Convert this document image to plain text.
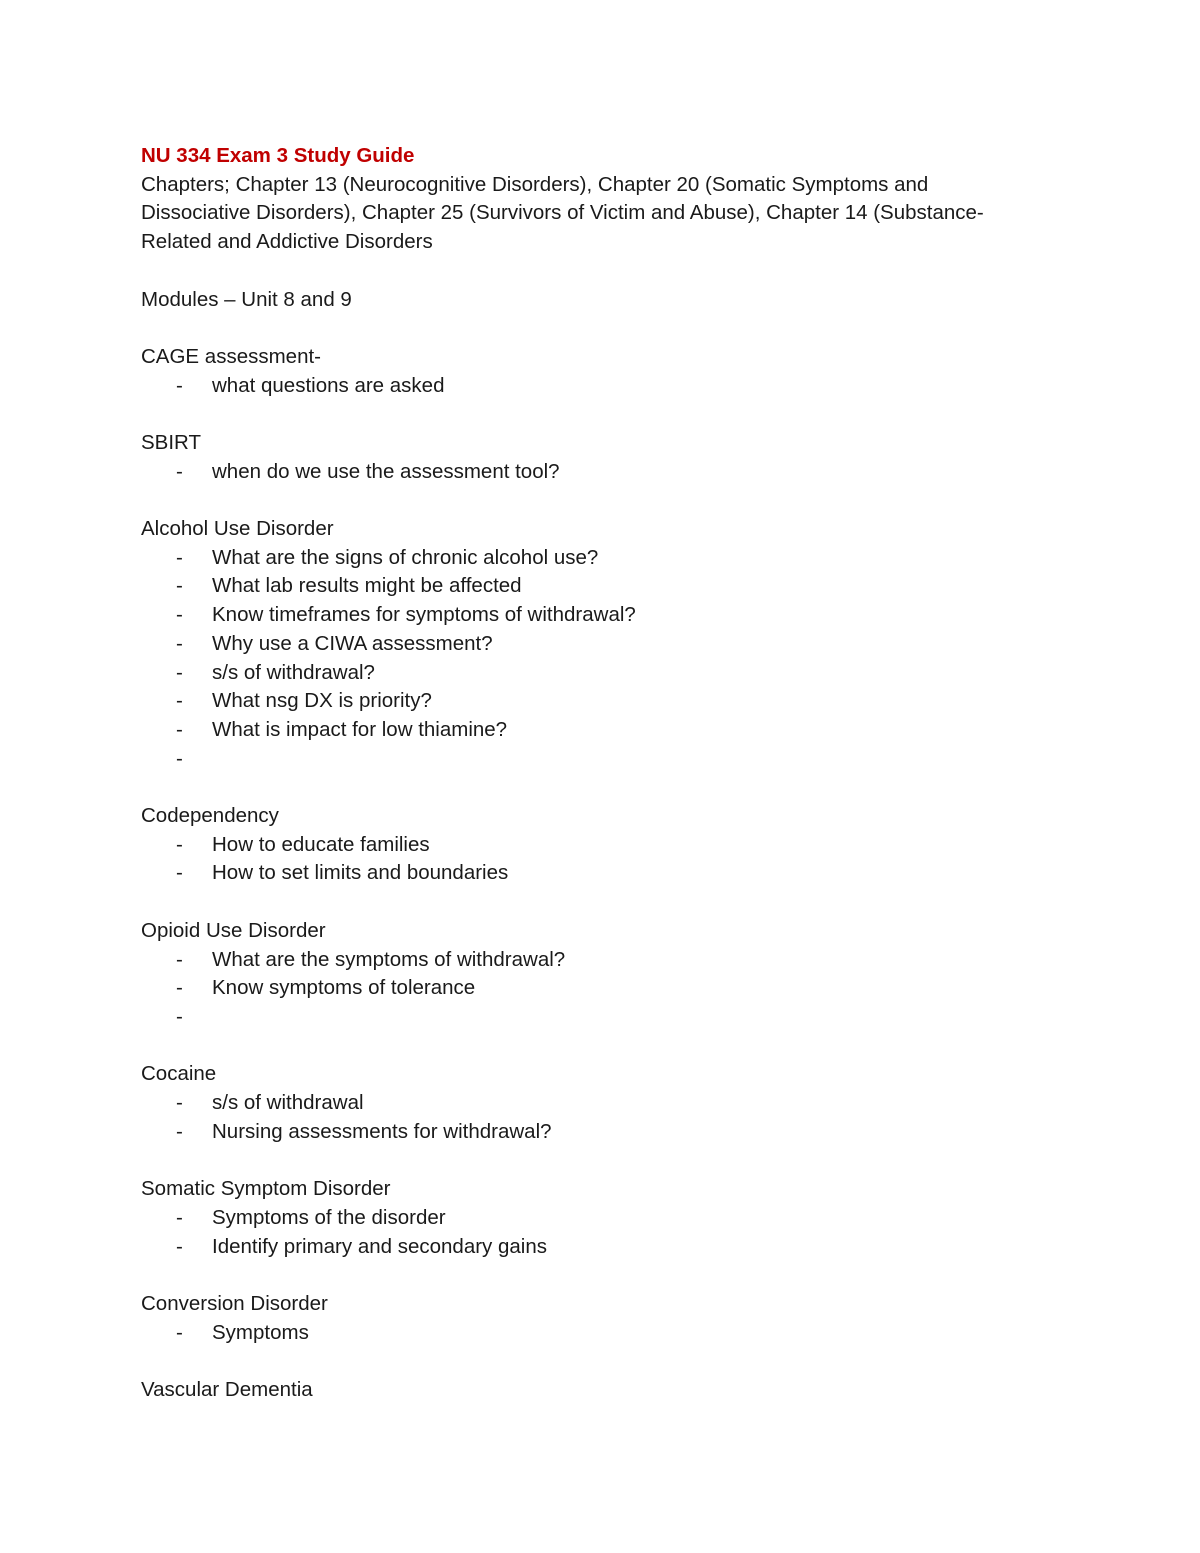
NU 334 Exam 3 Study Guide

Chapters; Chapter 13 (Neurocognitive Disorders), Chapter 20 (Somatic Symptoms and
Dissociative Disorders), Chapter 25 (Survivors of Victim and Abuse), Chapter 14 (Substance-
Related and Addictive Disorders

Modules – Unit 8 and 9

CAGE assessment-
- what questions are asked
SBIRT
- when do we use the assessment tool?
Alcohol Use Disorder
- What are the signs of chronic alcohol use?
- What lab results might be affected
- Know timeframes for symptoms of withdrawal?
- Why use a CIWA assessment?
- s/s of withdrawal?
- What nsg DX is priority?
- What is impact for low thiamine?
-
Codependency
- How to educate families
- How to set limits and boundaries
Opioid Use Disorder
- What are the symptoms of withdrawal?
- Know symptoms of tolerance
-
Cocaine
- s/s of withdrawal
- Nursing assessments for withdrawal?
Somatic Symptom Disorder
- Symptoms of the disorder
- Identify primary and secondary gains
Conversion Disorder
- Symptoms
Vascular Dementia
